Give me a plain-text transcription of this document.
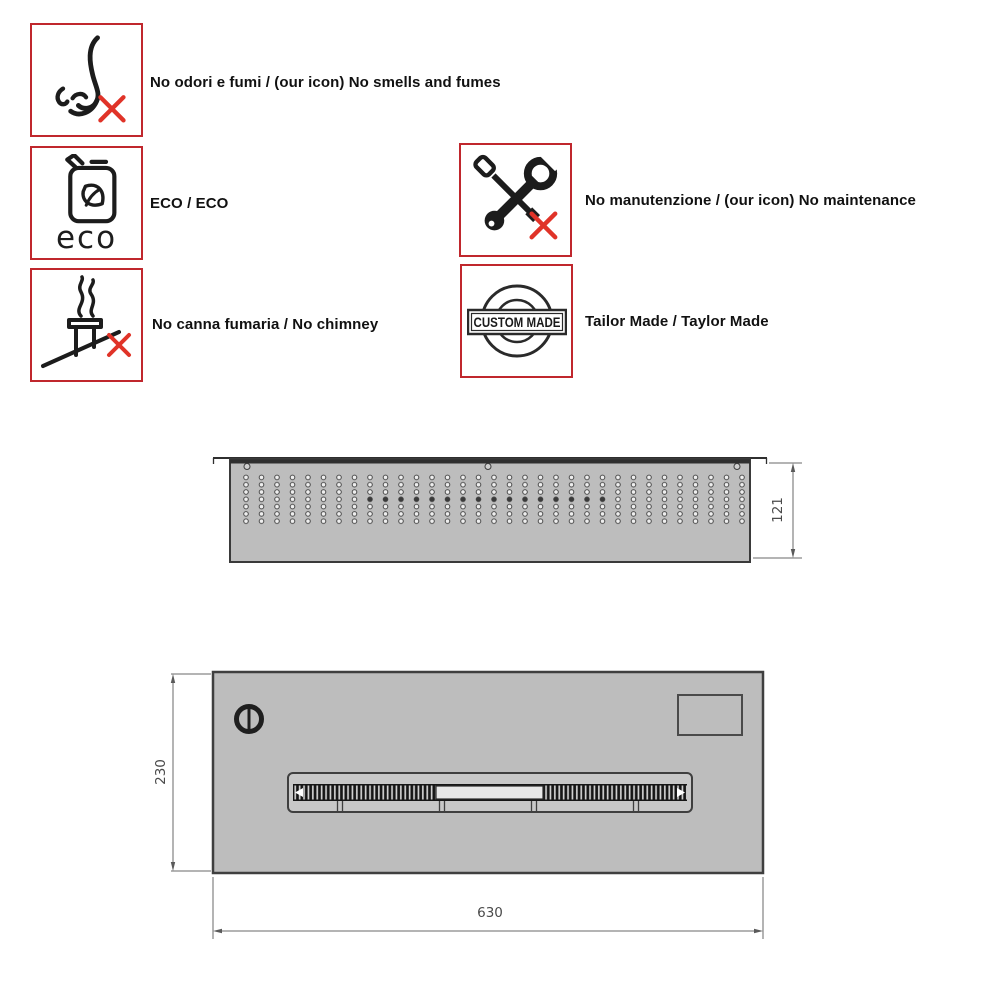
No odori e fumi / (our icon) No smells and fumes
eco
ECO / ECO
No canna fumaria / No chimney
No manutenzione / (our icon) No maintenance
CUSTOM MADE Tailor Made / Taylor Made
121
230
630
